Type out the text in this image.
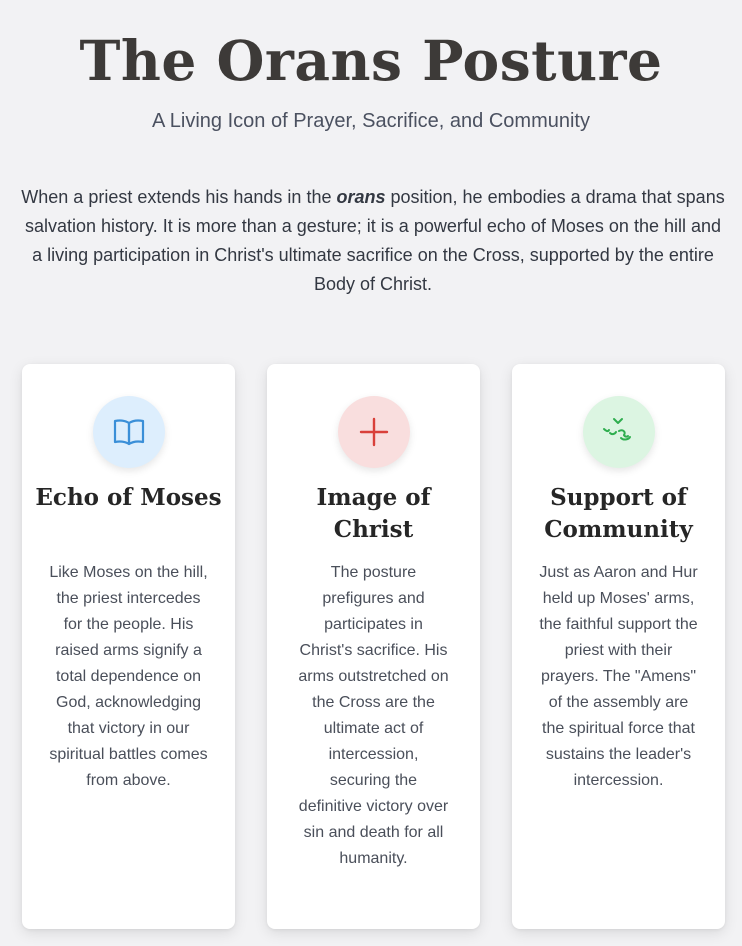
The Orans Posture

A Living Icon of Prayer, Sacrifice, and Community

When a priest extends his hands in the orans position, he embodies a drama that spans salvation history. It is more than a gesture; it is a powerful echo of Moses on the hill and a living participation in Christ's ultimate sacrifice on the Cross, supported by the entire Body of Christ.

Echo of Moses

Like Moses on the hill, the priest intercedes for the people. His raised arms signify a total dependence on God, acknowledging that victory in our spiritual battles comes from above.

Image of Christ

The posture prefigures and participates in Christ's sacrifice. His arms outstretched on the Cross are the ultimate act of intercession, securing the definitive victory over sin and death for all humanity.

Support of Community

Just as Aaron and Hur held up Moses' arms, the faithful support the priest with their prayers. The "Amens" of the assembly are the spiritual force that sustains the leader's intercession.
